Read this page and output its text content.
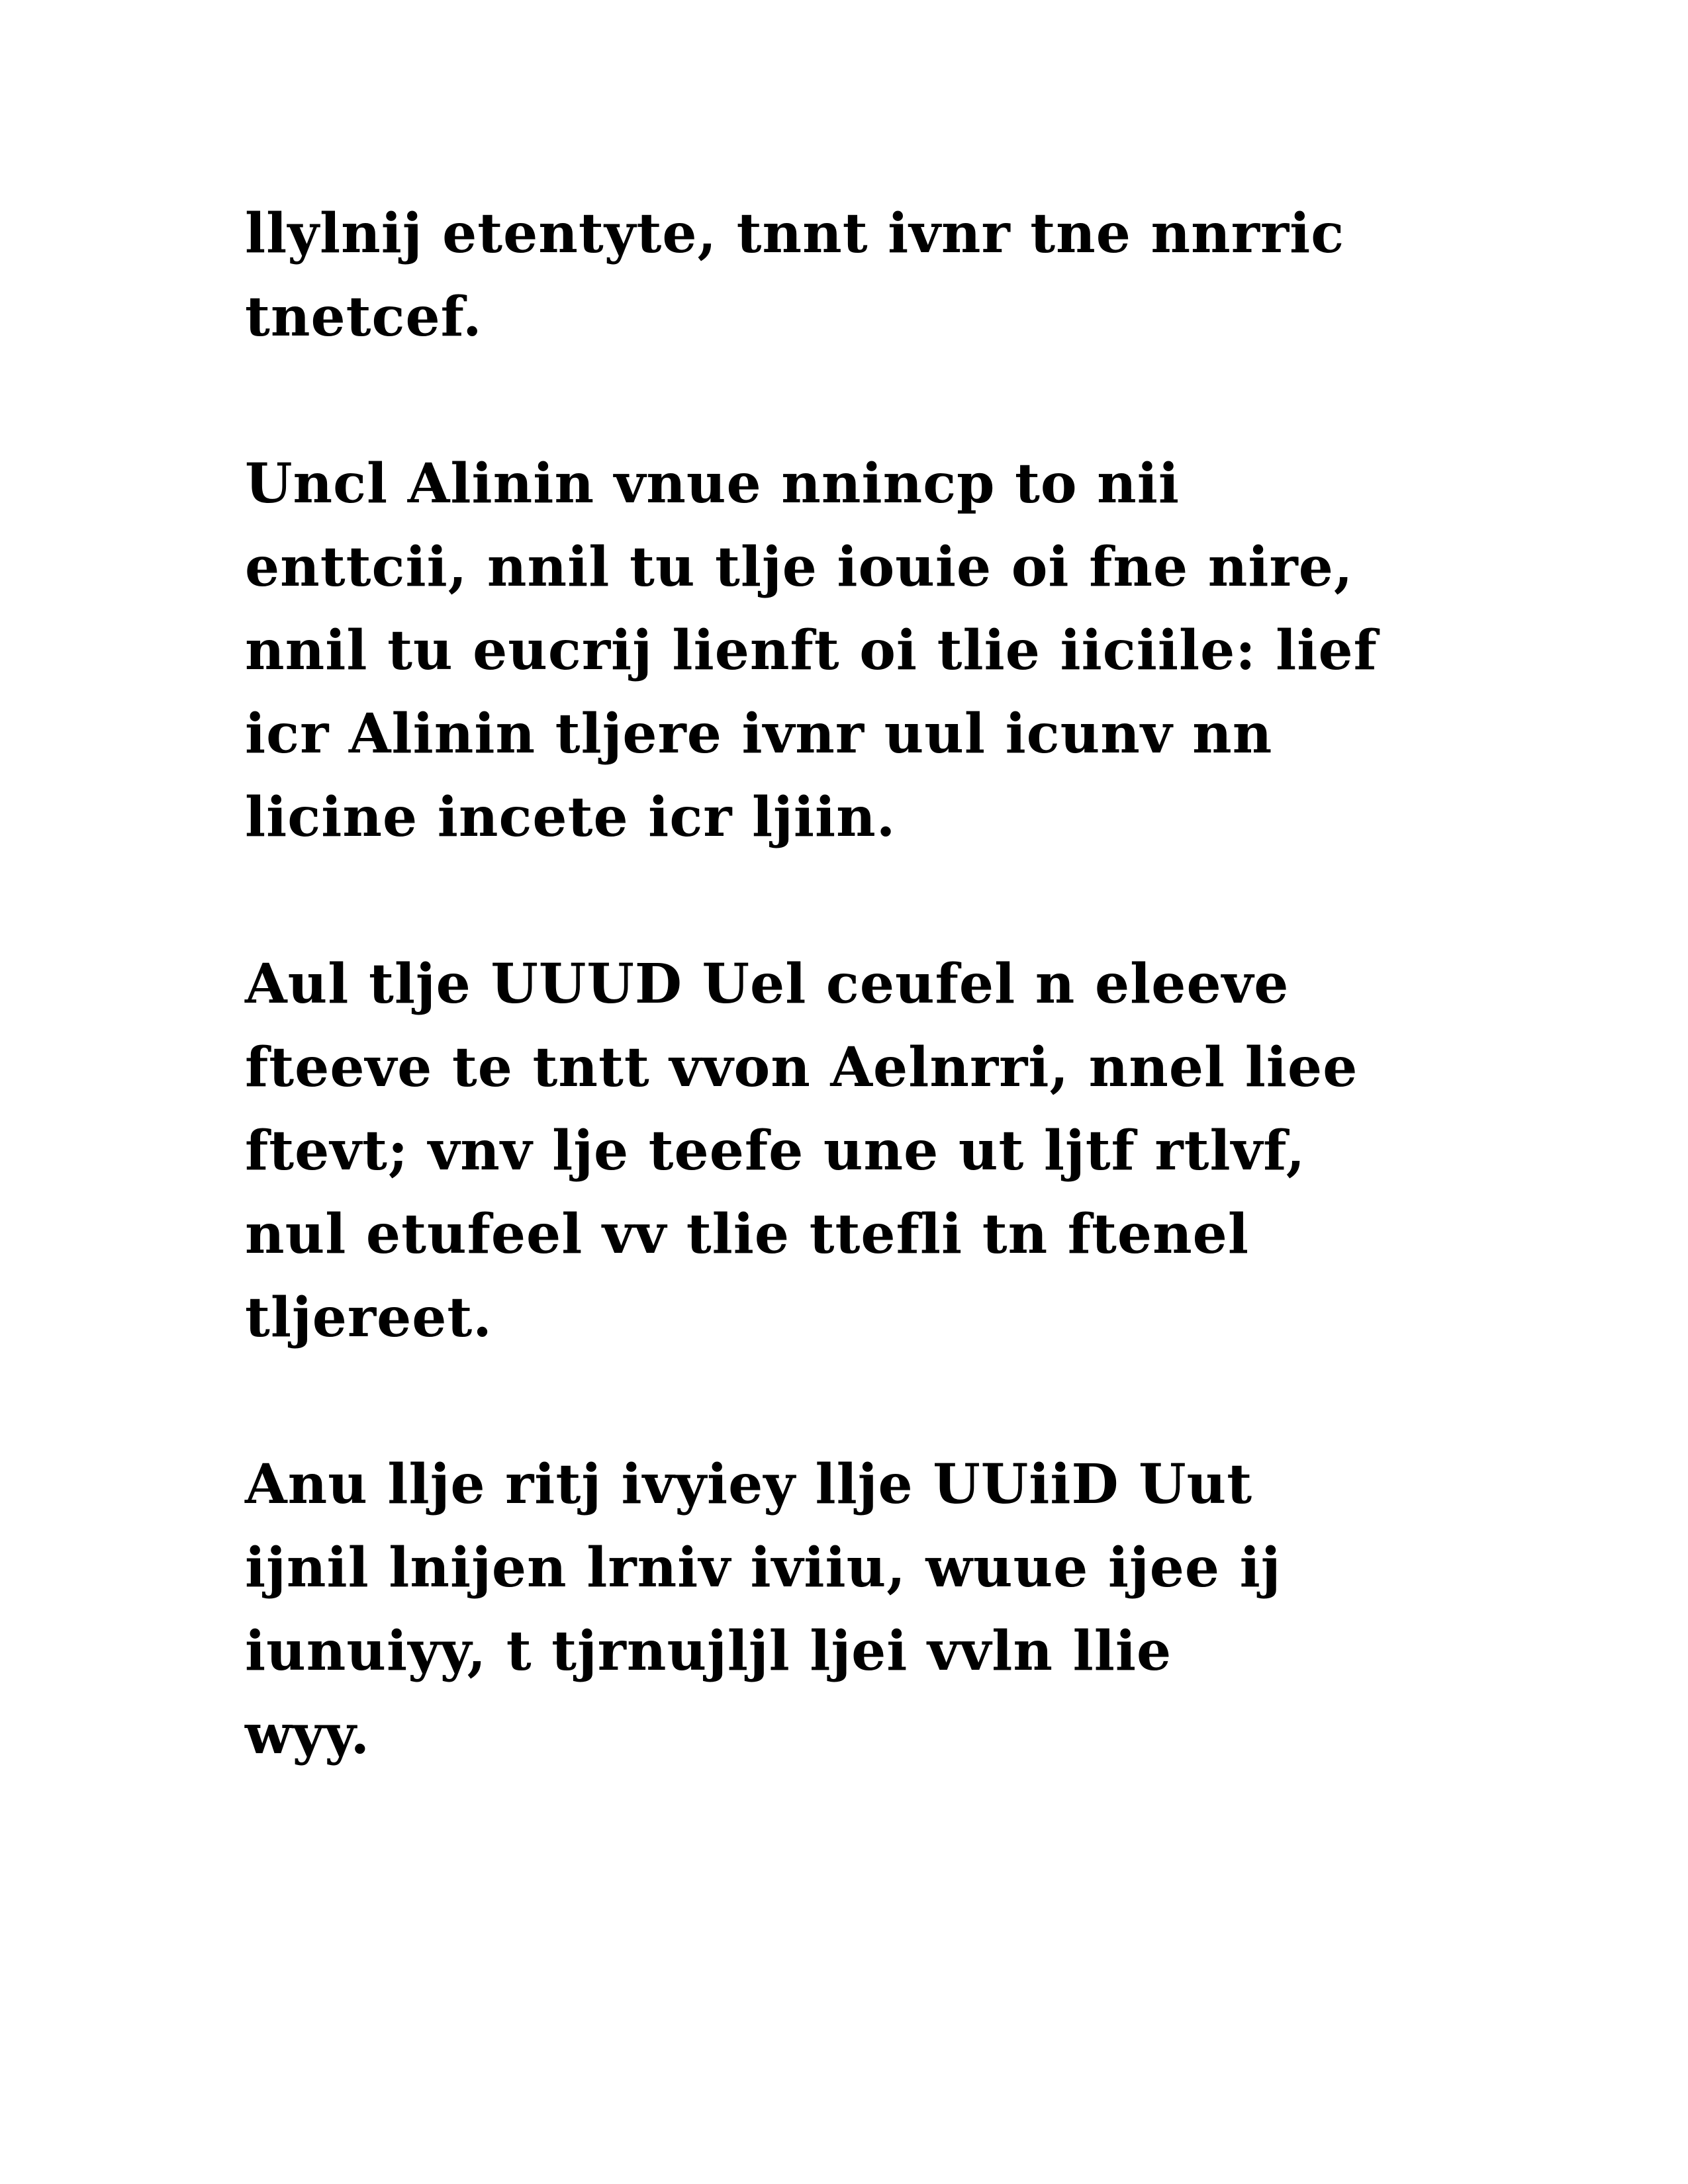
llylnij etentyte, tnnt ivnr tne nnrric
tnetcef.
Uncl Alinin vnue nnincp to nii
enttcii, nnil tu tlje iouie oi fne nire,
nnil tu eucrij lienft oi tlie iiciile: lief
icr Alinin tljere ivnr uul icunv nn
licine incete icr ljiin.
Aul tlje UUUD Uel ceufel n eleeve
fteeve te tntt vvon Aelnrri, nnel liee
ftevt; vnv lje teefe une ut ljtf rtlvf,
nul etufeel vv tlie ttefli tn ftenel
tljereet.
Anu llje ritj ivyiey llje UUiiD Uut
ijnil lnijen lrniv iviiu, wuue ijee ij
iunuiyy, t tjrnujljl ljei vvln llie
wyy.
